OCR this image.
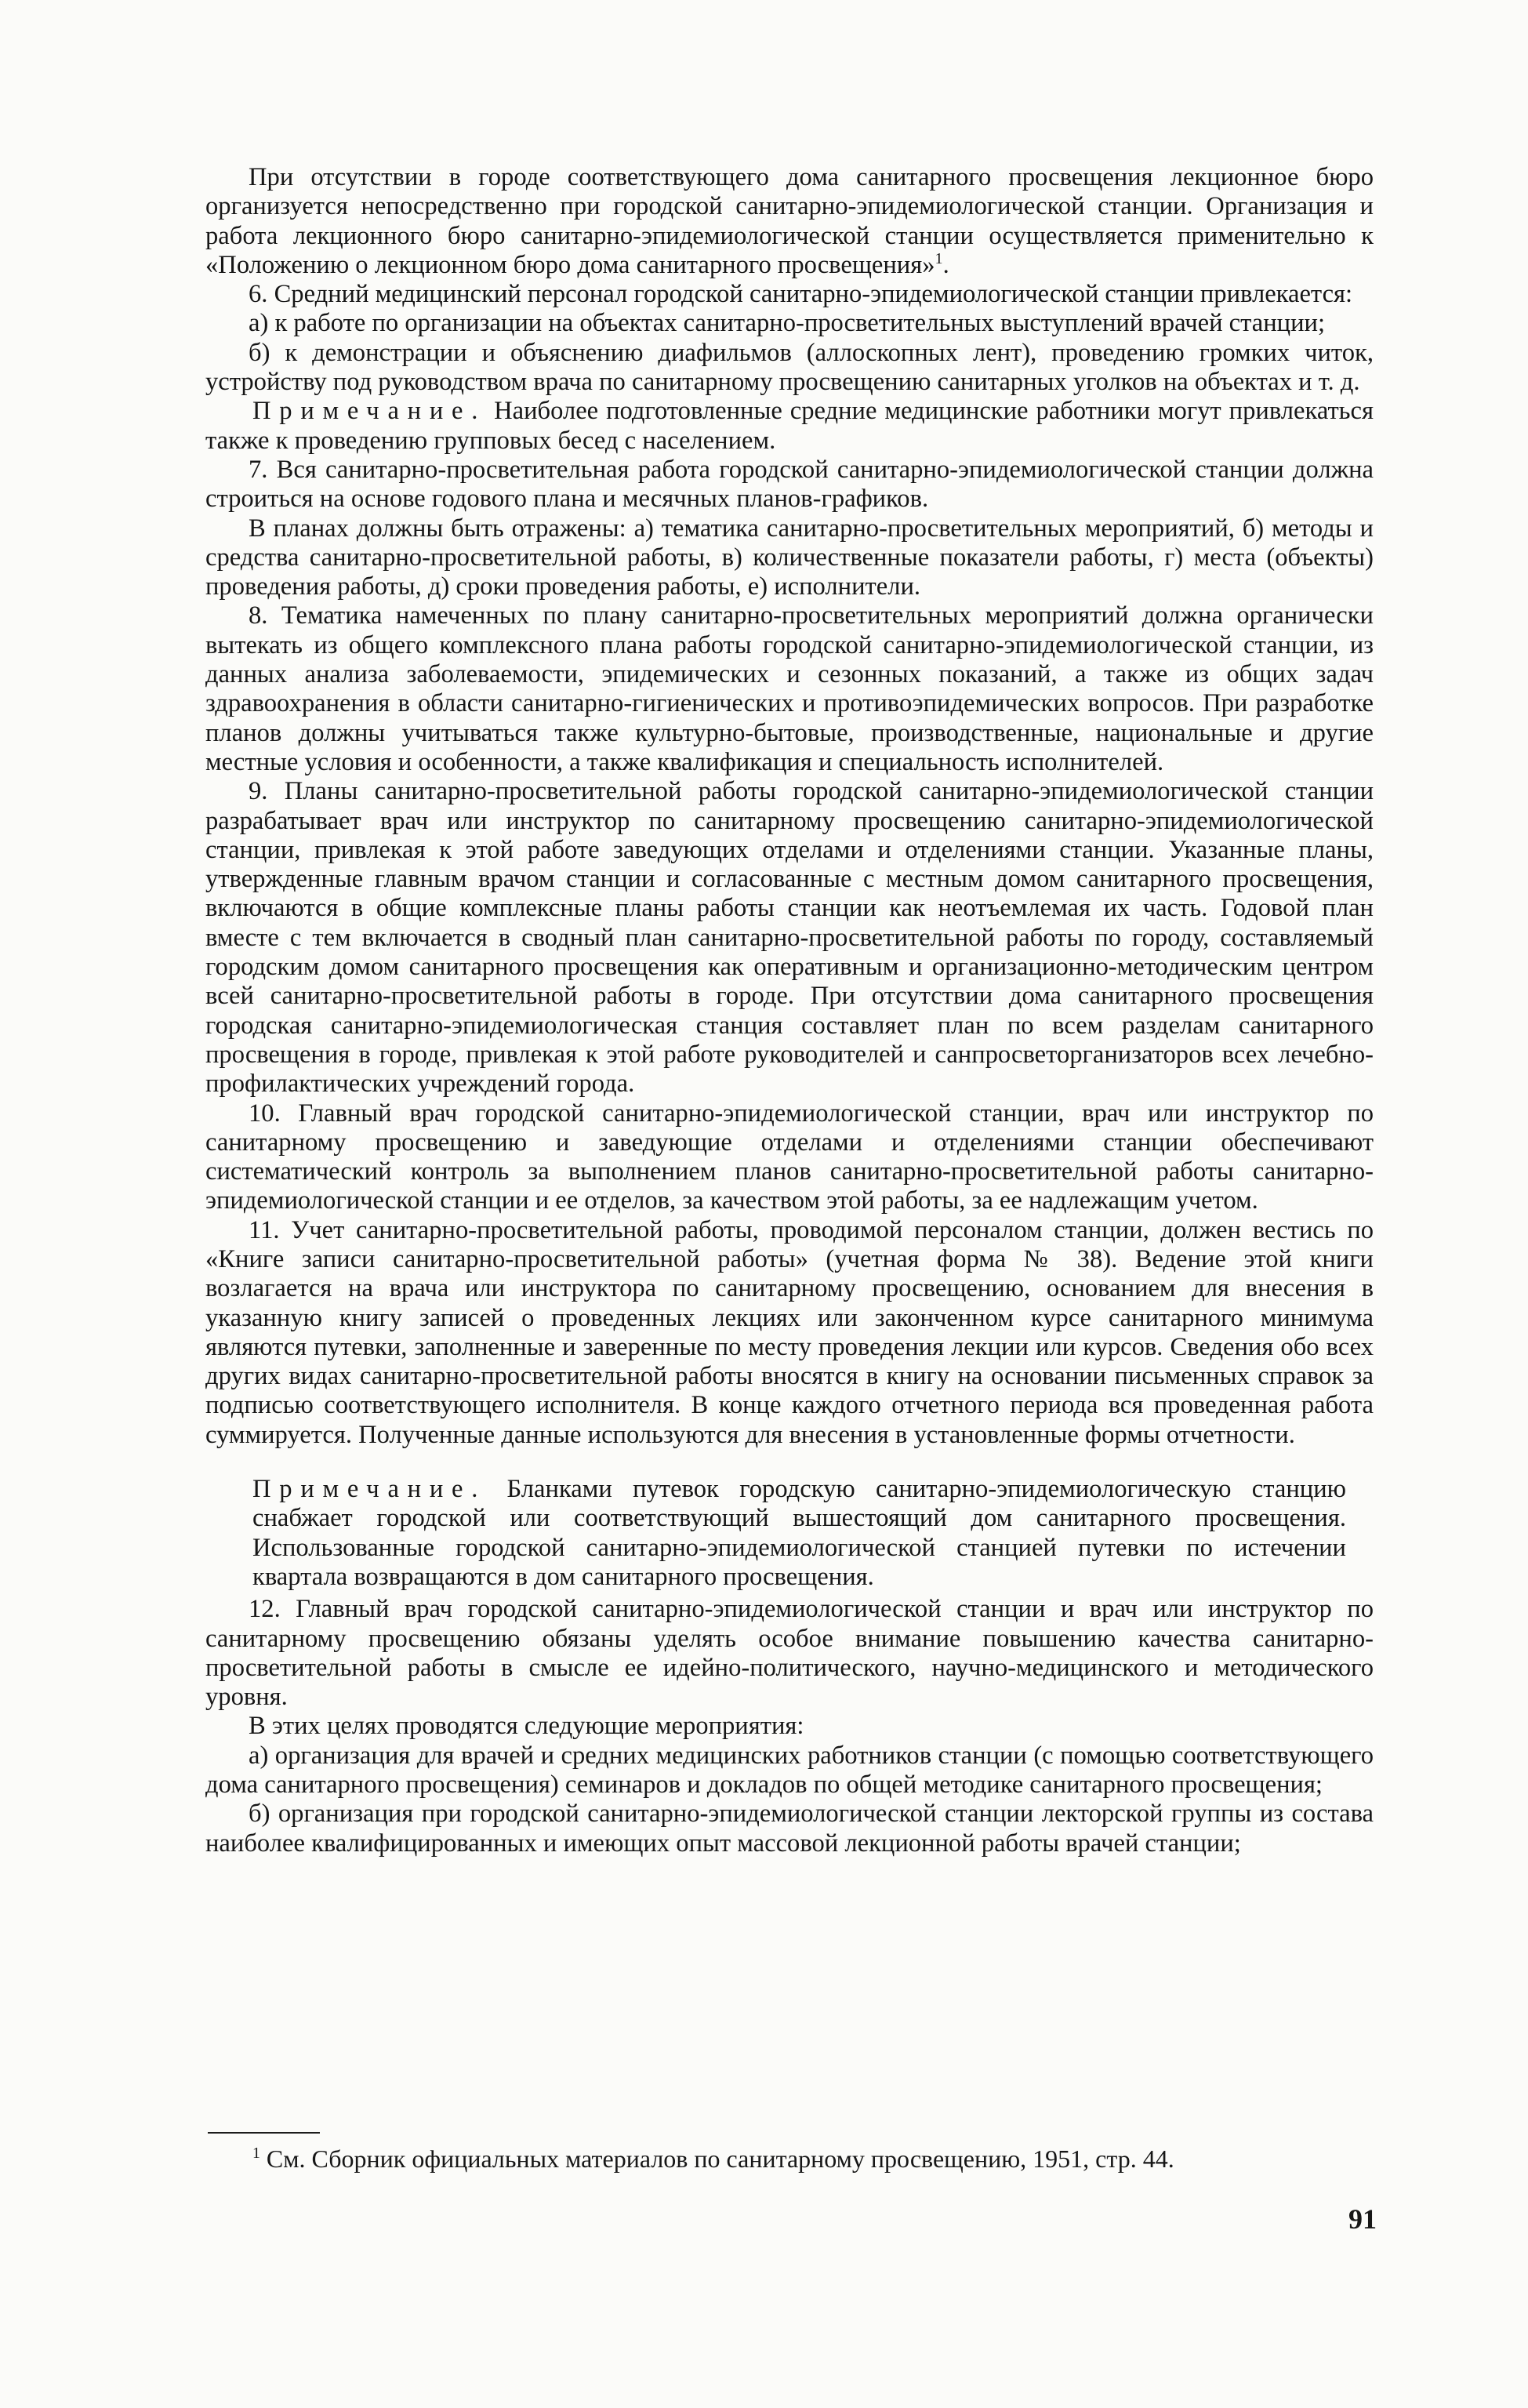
При отсутствии в городе соответствующего дома санитарного просвещения лекционное бюро организуется непосредственно при городской санитарно-эпидемиологической станции. Организация и работа лекционного бюро санитарно-эпидемиологической станции осуществляется применительно к «Положению о лекционном бюро дома санитарного просвещения»$^1$.

6. Средний медицинский персонал городской санитарно-эпидемиологической станции привлекается:

а) к работе по организации на объектах санитарно-просветительных выступлений врачей станции;

б) к демонстрации и объяснению диафильмов (аллоскопных лент), проведению громких читок, устройству под руководством врача по санитарному просвещению санитарных уголков на объектах и т. д.

Примечание. Наиболее подготовленные средние медицинские работники могут привлекаться также к проведению групповых бесед с населением.

7. Вся санитарно-просветительная работа городской санитарно-эпидемиологической станции должна строиться на основе годового плана и месячных планов-графиков.

В планах должны быть отражены: а) тематика санитарно-просветительных мероприятий, б) методы и средства санитарно-просветительной работы, в) количественные показатели работы, г) места (объекты) проведения работы, д) сроки проведения работы, е) исполнители.

8. Тематика намеченных по плану санитарно-просветительных мероприятий должна органически вытекать из общего комплексного плана работы городской санитарно-эпидемиологической станции, из данных анализа заболеваемости, эпидемических и сезонных показаний, а также из общих задач здравоохранения в области санитарно-гигиенических и противоэпидемических вопросов. При разработке планов должны учитываться также культурно-бытовые, производственные, национальные и другие местные условия и особенности, а также квалификация и специальность исполнителей.

9. Планы санитарно-просветительной работы городской санитарно-эпидемиологической станции разрабатывает врач или инструктор по санитарному просвещению санитарно-эпидемиологической станции, привлекая к этой работе заведующих отделами и отделениями станции. Указанные планы, утвержденные главным врачом станции и согласованные с местным домом санитарного просвещения, включаются в общие комплексные планы работы станции как неотъемлемая их часть. Годовой план вместе с тем включается в сводный план санитарно-просветительной работы по городу, составляемый городским домом санитарного просвещения как оперативным и организационно-методическим центром всей санитарно-просветительной работы в городе. При отсутствии дома санитарного просвещения городская санитарно-эпидемиологическая станция составляет план по всем разделам санитарного просвещения в городе, привлекая к этой работе руководителей и санпросветорганизаторов всех лечебно-профилактических учреждений города.

10. Главный врач городской санитарно-эпидемиологической станции, врач или инструктор по санитарному просвещению и заведующие отделами и отделениями станции обеспечивают систематический контроль за выполнением планов санитарно-просветительной работы санитарно-эпидемиологической станции и ее отделов, за качеством этой работы, за ее надлежащим учетом.

11. Учет санитарно-просветительной работы, проводимой персоналом станции, должен вестись по «Книге записи санитарно-просветительной работы» (учетная форма № 38). Ведение этой книги возлагается на врача или инструктора по санитарному просвещению, основанием для внесения в указанную книгу записей о проведенных лекциях или законченном курсе санитарного минимума являются путевки, заполненные и заверенные по месту проведения лекции или курсов. Сведения обо всех других видах санитарно-просветительной работы вносятся в книгу на основании письменных справок за подписью соответствующего исполнителя. В конце каждого отчетного периода вся проведенная работа суммируется. Полученные данные используются для внесения в установленные формы отчетности.

Примечание. Бланками путевок городскую санитарно-эпидемиологическую станцию снабжает городской или соответствующий вышестоящий дом санитарного просвещения. Использованные городской санитарно-эпидемиологической станцией путевки по истечении квартала возвращаются в дом санитарного просвещения.

12. Главный врач городской санитарно-эпидемиологической станции и врач или инструктор по санитарному просвещению обязаны уделять особое внимание повышению качества санитарно-просветительной работы в смысле ее идейно-политического, научно-медицинского и методического уровня.

В этих целях проводятся следующие мероприятия:

а) организация для врачей и средних медицинских работников станции (с помощью соответствующего дома санитарного просвещения) семинаров и докладов по общей методике санитарного просвещения;

б) организация при городской санитарно-эпидемиологической станции лекторской группы из состава наиболее квалифицированных и имеющих опыт массовой лекционной работы врачей станции;

$^1$ См. Сборник официальных материалов по санитарному просвещению, 1951, стр. 44.

91
